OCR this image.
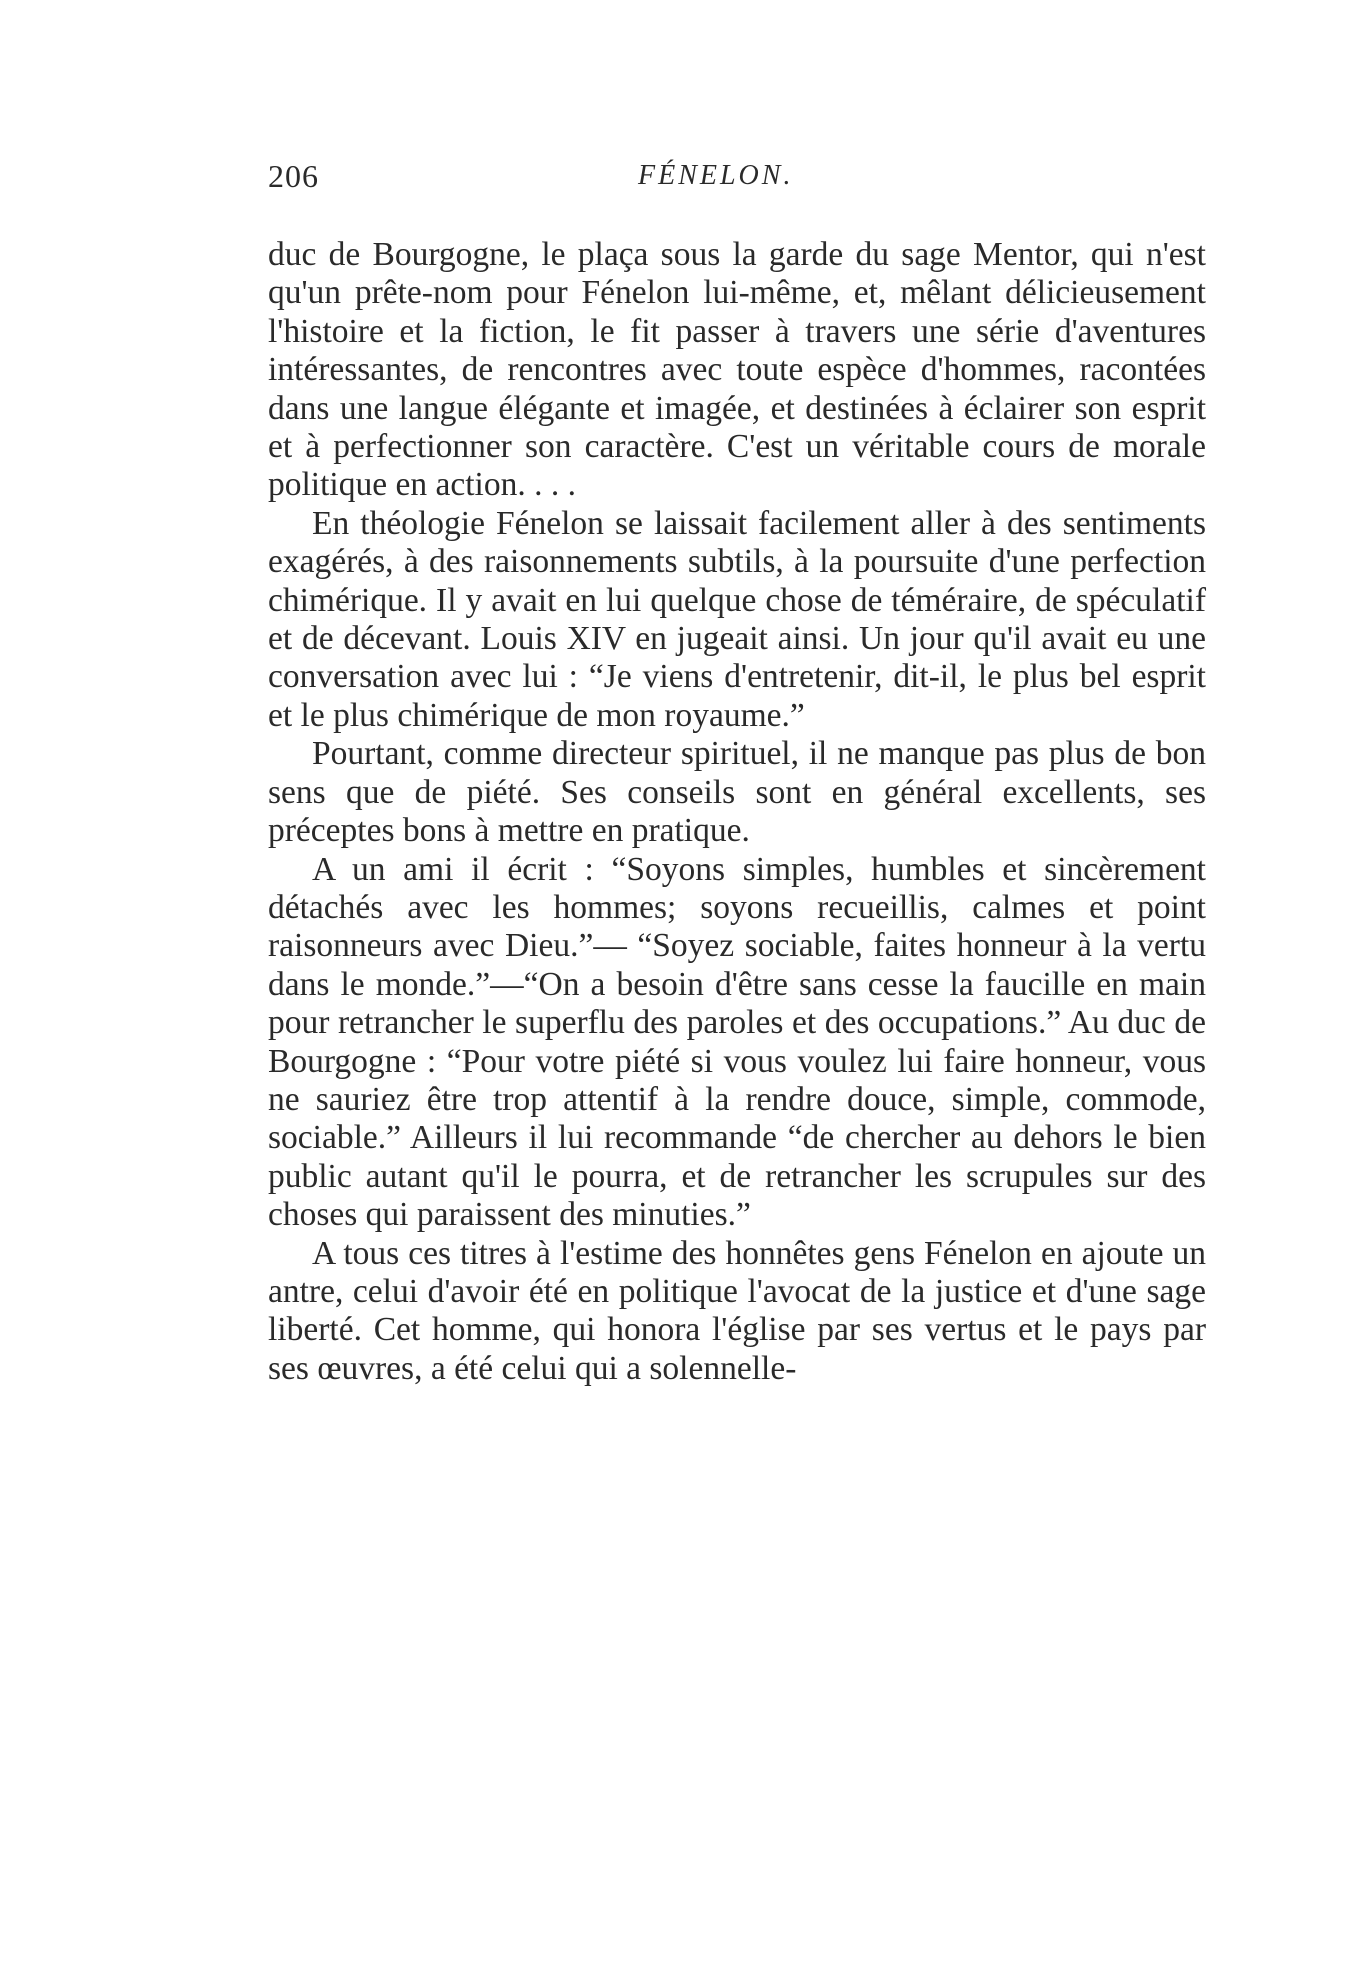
206	FÉNELON.

duc de Bourgogne, le plaça sous la garde du sage Mentor, qui n'est qu'un prête-nom pour Fénelon lui-même, et, mêlant délicieusement l'histoire et la fiction, le fit passer à travers une série d'aventures intéressantes, de rencontres avec toute espèce d'hommes, racontées dans une langue élégante et imagée, et destinées à éclairer son esprit et à perfectionner son caractère. C'est un véritable cours de morale politique en action. . . .

En théologie Fénelon se laissait facilement aller à des sentiments exagérés, à des raisonnements subtils, à la poursuite d'une perfection chimérique. Il y avait en lui quelque chose de téméraire, de spéculatif et de décevant. Louis XIV en jugeait ainsi. Un jour qu'il avait eu une conversation avec lui : “Je viens d'entretenir, dit-il, le plus bel esprit et le plus chimérique de mon royaume.”

Pourtant, comme directeur spirituel, il ne manque pas plus de bon sens que de piété. Ses conseils sont en général excellents, ses préceptes bons à mettre en pratique.

A un ami il écrit : “Soyons simples, humbles et sincèrement détachés avec les hommes; soyons recueillis, calmes et point raisonneurs avec Dieu.”— “Soyez sociable, faites honneur à la vertu dans le monde.”—“On a besoin d'être sans cesse la faucille en main pour retrancher le superflu des paroles et des occupations.” Au duc de Bourgogne : “Pour votre piété si vous voulez lui faire honneur, vous ne sauriez être trop attentif à la rendre douce, simple, commode, sociable.” Ailleurs il lui recommande “de chercher au dehors le bien public autant qu'il le pourra, et de retrancher les scrupules sur des choses qui paraissent des minuties.”

A tous ces titres à l'estime des honnêtes gens Fénelon en ajoute un antre, celui d'avoir été en politique l'avocat de la justice et d'une sage liberté. Cet homme, qui honora l'église par ses vertus et le pays par ses œuvres, a été celui qui a solennelle-
